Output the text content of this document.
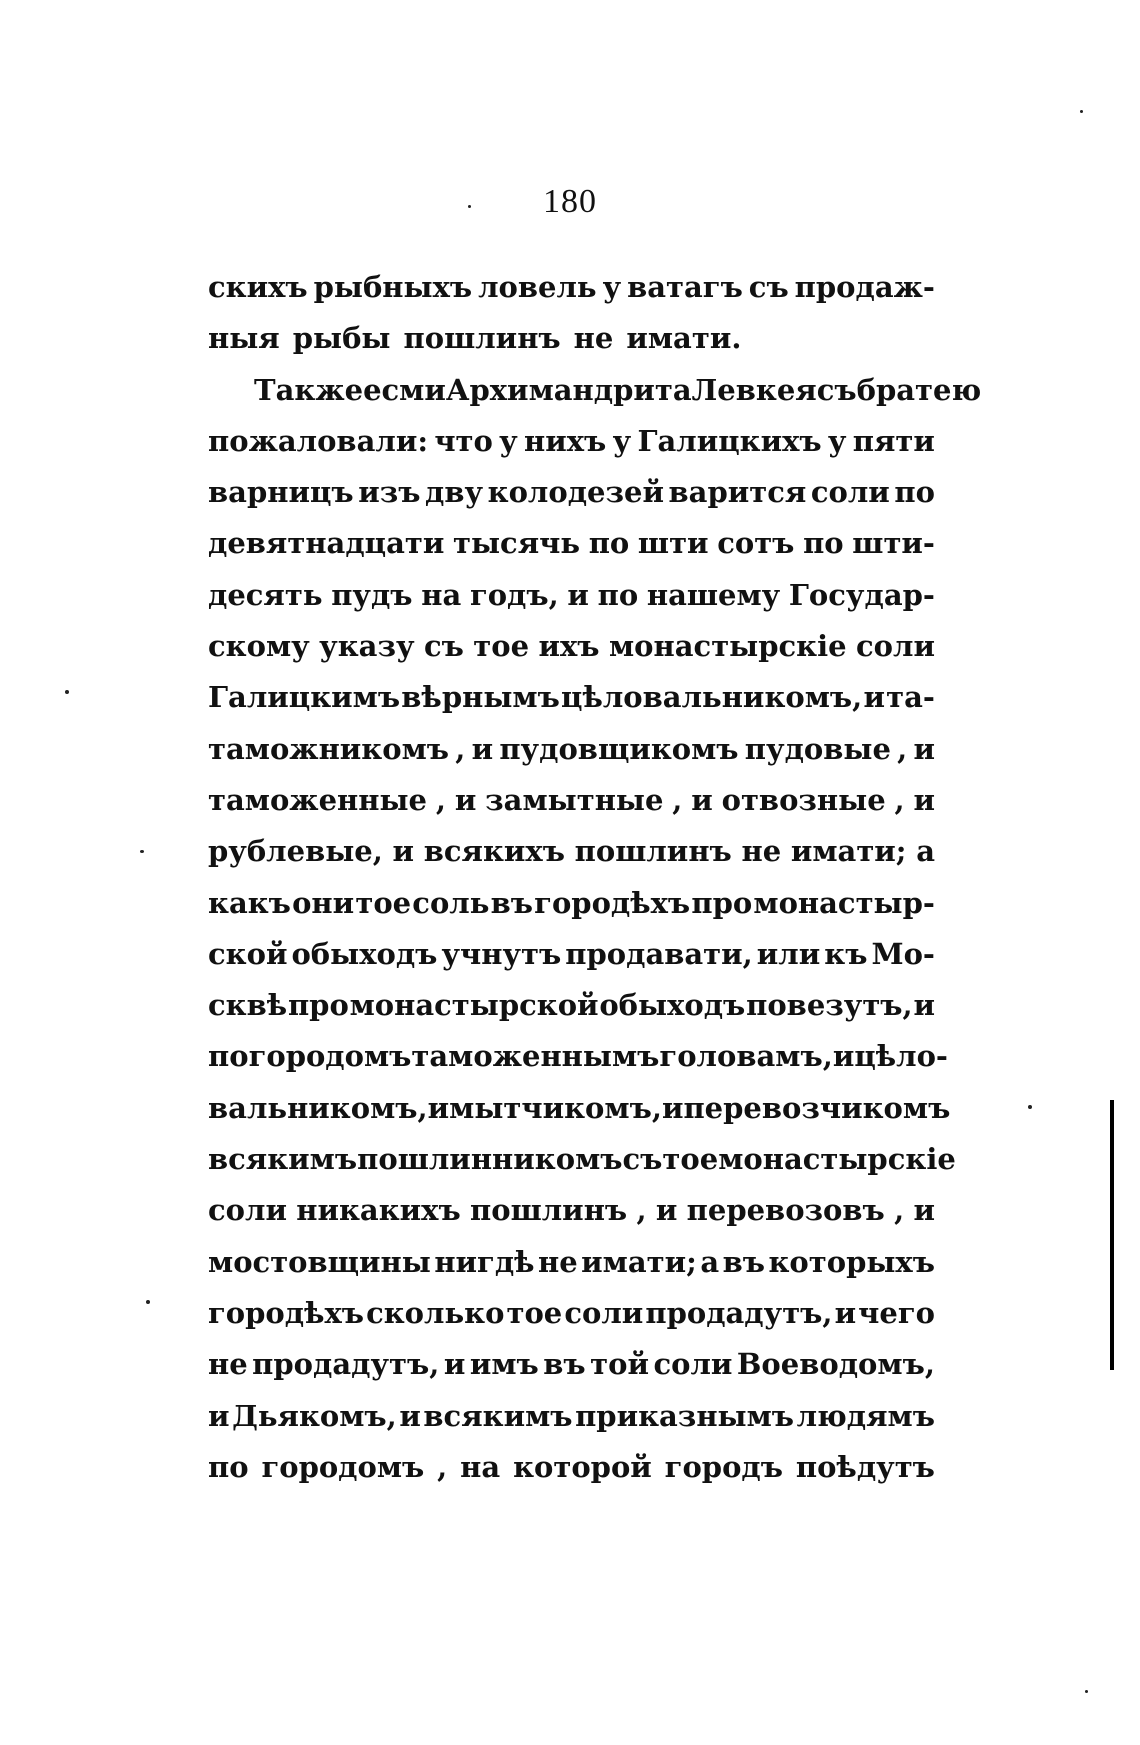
180
скихъ рыбныхъ ловель у ватагъ съ продаж-
ныя рыбы пошлинъ не имати.
Также есми Архимандрита Левкея съ братею
пожаловали: что у нихъ у Галицкихъ у пяти
варницъ изъ дву колодезей варится соли по
девятнадцати тысячь по шти сотъ по шти-
десять пудъ на годъ, и по нашему Государ-
скому указу съ тое ихъ монастырскіе соли
Галицкимъ вѣрнымъ цѣловальникомъ, и та-
таможникомъ , и пудовщикомъ пудовые , и
таможенные , и замытные , и отвозные , и
рублевые, и всякихъ пошлинъ не имати; а
какъ они тое соль въ городѣхъ про монастыр-
ской обыходъ учнутъ продавати, или къ Мо-
сквѣ про монастырской обыходъ повезутъ, и
по городомъ таможеннымъ головамъ, и цѣло-
вальникомъ, и мытчикомъ, и перевозчикомъ
всякимъ пошлинникомъ съ тое монастырскіе
соли никакихъ пошлинъ , и перевозовъ , и
мостовщины нигдѣ не имати; а въ которыхъ
городѣхъ сколько тое соли продадутъ, и чего
не продадутъ, и имъ въ той соли Воеводомъ,
и Дьякомъ, и всякимъ приказнымъ людямъ
по городомъ , на которой городъ поѣдутъ
